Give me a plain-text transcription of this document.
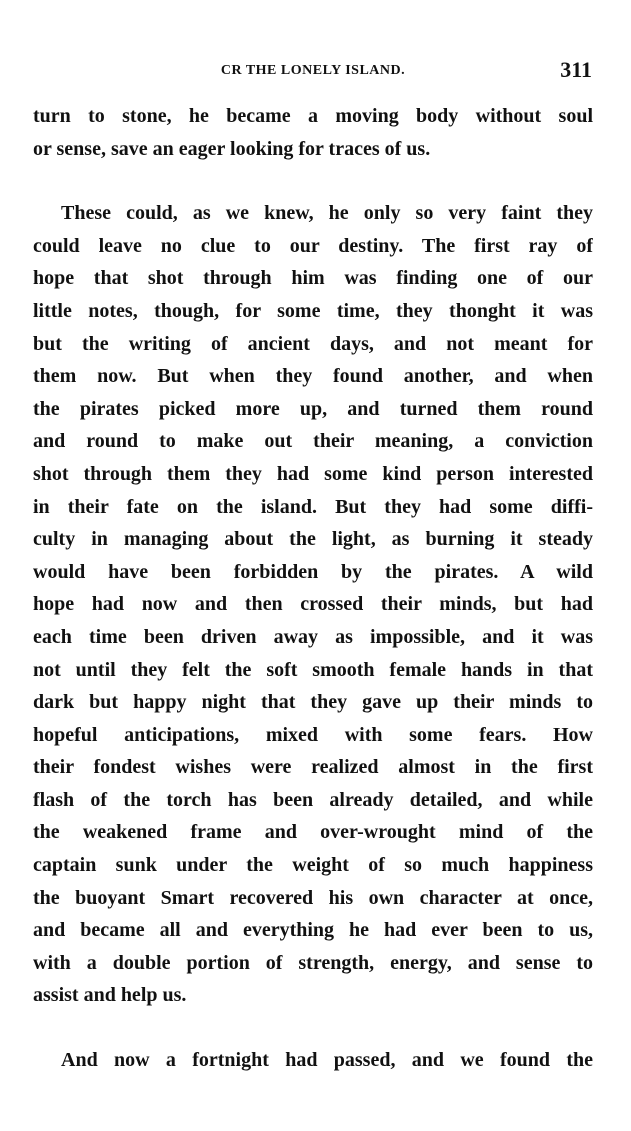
CR THE LONELY ISLAND.	311
turn to stone, he became a moving body without soul
or sense, save an eager looking for traces of us.
These could, as we knew, he only so very faint they
could leave no clue to our destiny. The first ray of
hope that shot through him was finding one of our
little notes, though, for some time, they thonght it was
but the writing of ancient days, and not meant for
them now. But when they found another, and when
the pirates picked more up, and turned them round
and round to make out their meaning, a conviction
shot through them they had some kind person interested
in their fate on the island. But they had some diffi-
culty in managing about the light, as burning it steady
would have been forbidden by the pirates. A wild
hope had now and then crossed their minds, but had
each time been driven away as impossible, and it was
not until they felt the soft smooth female hands in that
dark but happy night that they gave up their minds to
hopeful anticipations, mixed with some fears. How
their fondest wishes were realized almost in the first
flash of the torch has been already detailed, and while
the weakened frame and over-wrought mind of the
captain sunk under the weight of so much happiness
the buoyant Smart recovered his own character at once,
and became all and everything he had ever been to us,
with a double portion of strength, energy, and sense to
assist and help us.
And now a fortnight had passed, and we found the
